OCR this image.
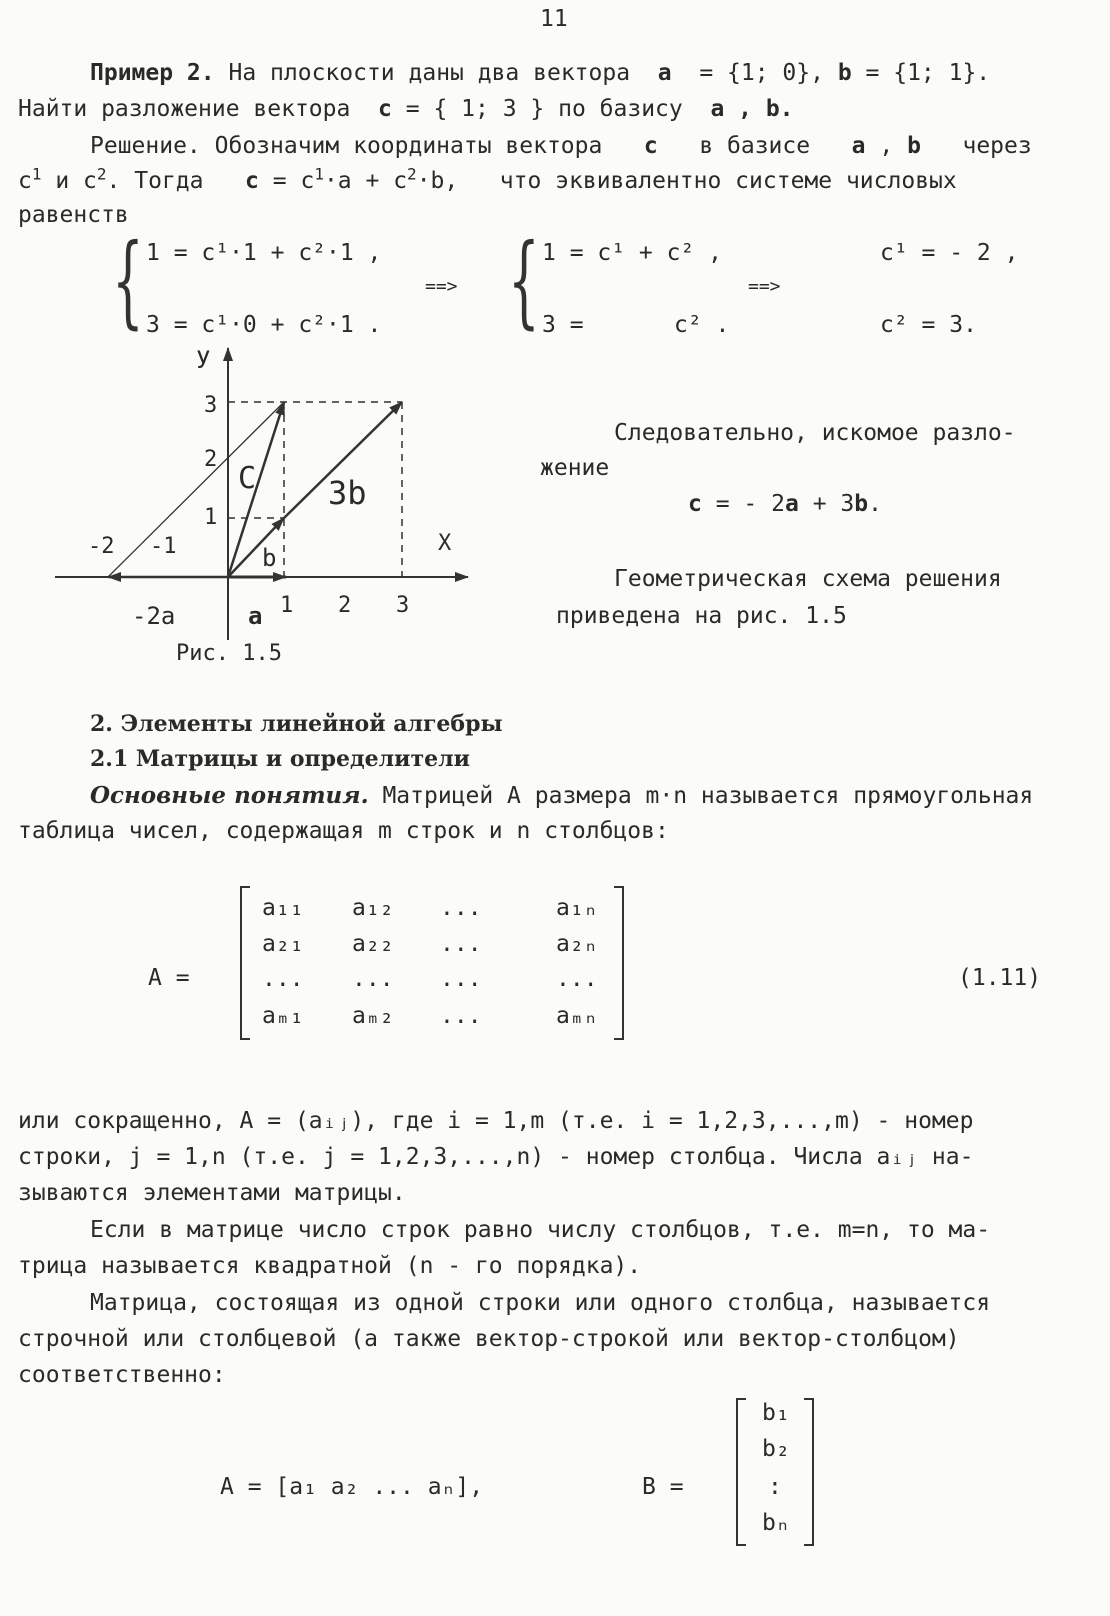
11
Пример 2. На плоскости даны два вектора a = {1; 0}, b = {1; 1}.
Найти разложение вектора c = { 1; 3 } по базису a , b.
Решение. Обозначим координаты вектора c в базисе a , b через
$c^1$ и $c^2$. Тогда $c = c^1\cdot a + c^2\cdot b$, что эквивалентно системе числовых
равенств
{ 1 = c¹·1 + c²·1 ,
3 = c¹·0 + c²·1 .
==> { 1 = c¹ + c² ,
3 =	c² .
==>
c¹ = - 2 ,
c² = 3.
У
X
3
2
1
-2 -1
1 2 3
C 3b
b
a
-2a
Рис. 1.5
Следовательно, искомое разло-
жение
c = - 2a + 3b.
Геометрическая схема решения
приведена на рис. 1.5
2. Элементы линейной алгебры
2.1 Матрицы и определители
Основные понятия. Матрицей А размера m·n называется прямоугольная
таблица чисел, содержащая m строк и n столбцов:
A =
a₁₁ a₁₂ ...	a₁ₙ
a₂₁ a₂₂ ...	a₂ₙ
... ... ...	...
aₘ₁ aₘ₂ ...	aₘₙ
(1.11)
или сокращенно, A = (aᵢⱼ), где i = 1,m (т.е. i = 1,2,3,...,m) - номер
строки, j = 1,n (т.е. j = 1,2,3,...,n) - номер столбца. Числа aᵢⱼ на-
зываются элементами матрицы.
Если в матрице число строк равно числу столбцов, т.е. m=n, то ма-
трица называется квадратной (n - го порядка).
Матрица, состоящая из одной строки или одного столбца, называется
строчной или столбцевой (а также вектор-строкой или вектор-столбцом)
соответственно:
A = [a₁ a₂ ... aₙ],	B =
b₁
b₂
:
bₙ
